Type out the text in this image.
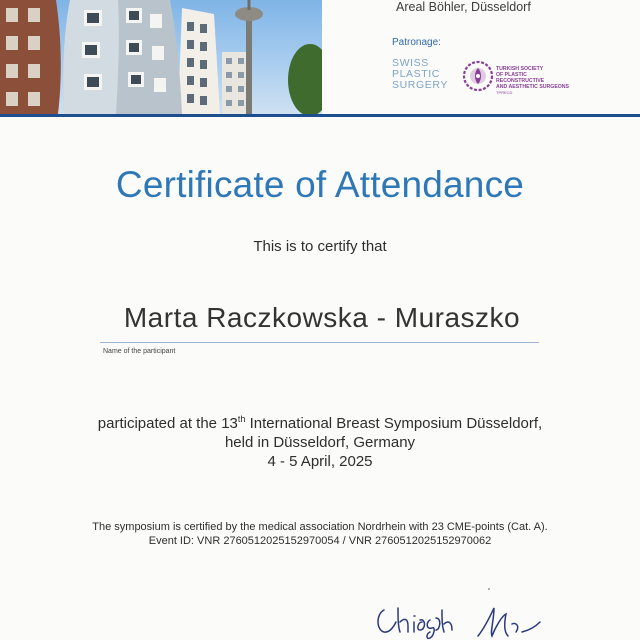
Areal Böhler, Düsseldorf
Patronage:
SWISS
PLASTIC
SURGERY
TURKISH SOCIETY
OF PLASTIC RECONSTRUCTIVE
AND AESTHETIC SURGEONS
TPRECD
Certificate of Attendance
This is to certify that
Marta Raczkowska - Muraszko
Name of the participant
participated at the 13th International Breast Symposium Düsseldorf,
held in Düsseldorf, Germany
4 - 5 April, 2025
The symposium is certified by the medical association Nordrhein with 23 CME-points (Cat. A).
Event ID: VNR 2760512025152970054 / VNR 2760512025152970062
